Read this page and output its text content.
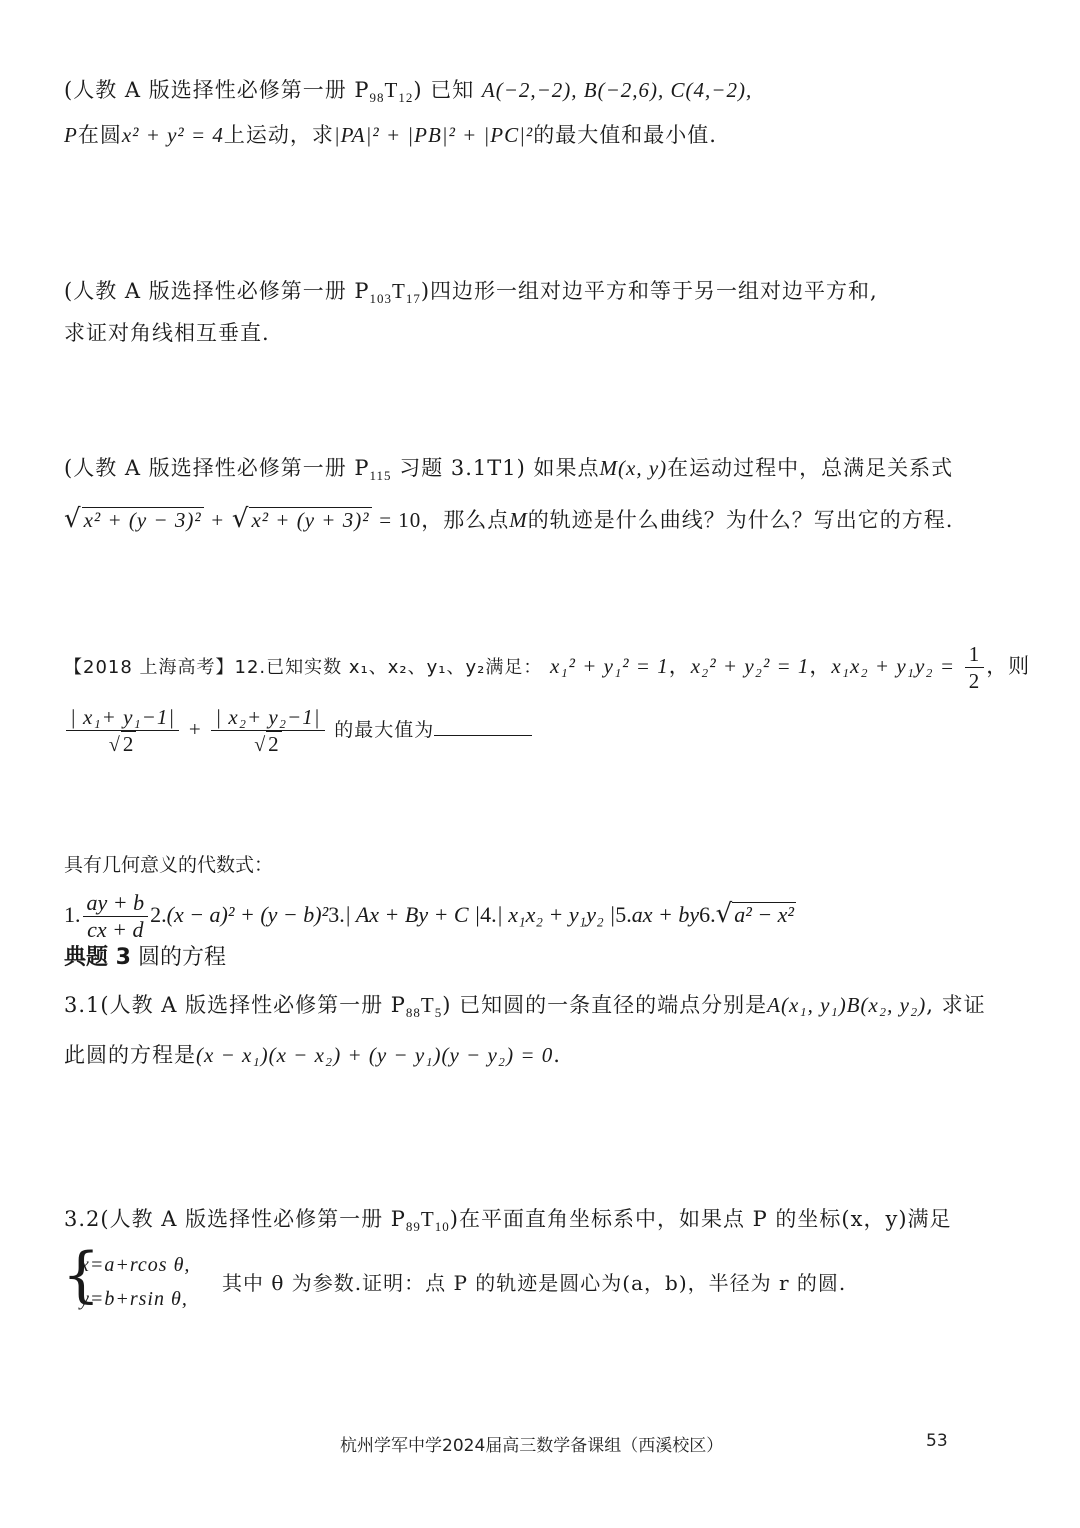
(人教 A 版选择性必修第一册 $P_{98}T_{12}$) 已知 A(−2,−2), B(−2,6), C(4,−2),
P在圆x² + y² = 4上运动，求|PA|² + |PB|² + |PC|²的最大值和最小值.
(人教 A 版选择性必修第一册 $P_{103}T_{17}$)四边形一组对边平方和等于另一组对边平方和,
求证对角线相互垂直.
(人教 A 版选择性必修第一册 $P_{115}$ 习题 3.1T1) 如果点M(x, y)在运动过程中，总满足关系式
√x² + (y − 3)² + √x² + (y + 3)² = 10，那么点M的轨迹是什么曲线？为什么？写出它的方程.
【2018 上海高考】12.已知实数 x₁、x₂、y₁、y₂满足： x₁² + y₁² = 1，x₂² + y₂² = 1，$x_1x_2 + y_1y_2 = \frac{1}{2}$ ，则
$\frac{\text{| x₁+ y₁−1|}}{√2} + \frac{\text{| x₂+ y₂−1|}}{√2}$ 的最大值为
具有几何意义的代数式：
1. $\frac{ay + b}{cx + d} 2.(x - a)^2 + (y - b)^23.|$ Ax + By + C |4.| x₁x₂ + y₁y₂ |5.ax + by6.√a² − x²
典题 3 圆的方程
3.1(人教 A 版选择性必修第一册 $P_{88}T_5$) 已知圆的一条直径的端点分别是A(x₁, y₁)B(x₂, y₂), 求证
此圆的方程是(x − x₁)(x − x₂) + (y − y₁)(y − y₂) = 0.
3.2(人教 A 版选择性必修第一册 $P_{89}T_{10}$)在平面直角坐标系中，如果点 P 的坐标(x，y)满足
{
x=a+rcos θ,
y=b+rsin θ,
其中 θ 为参数.证明：点 P 的轨迹是圆心为(a，b)，半径为 r 的圆.
杭州学军中学2024届高三数学备课组（西溪校区）	53
